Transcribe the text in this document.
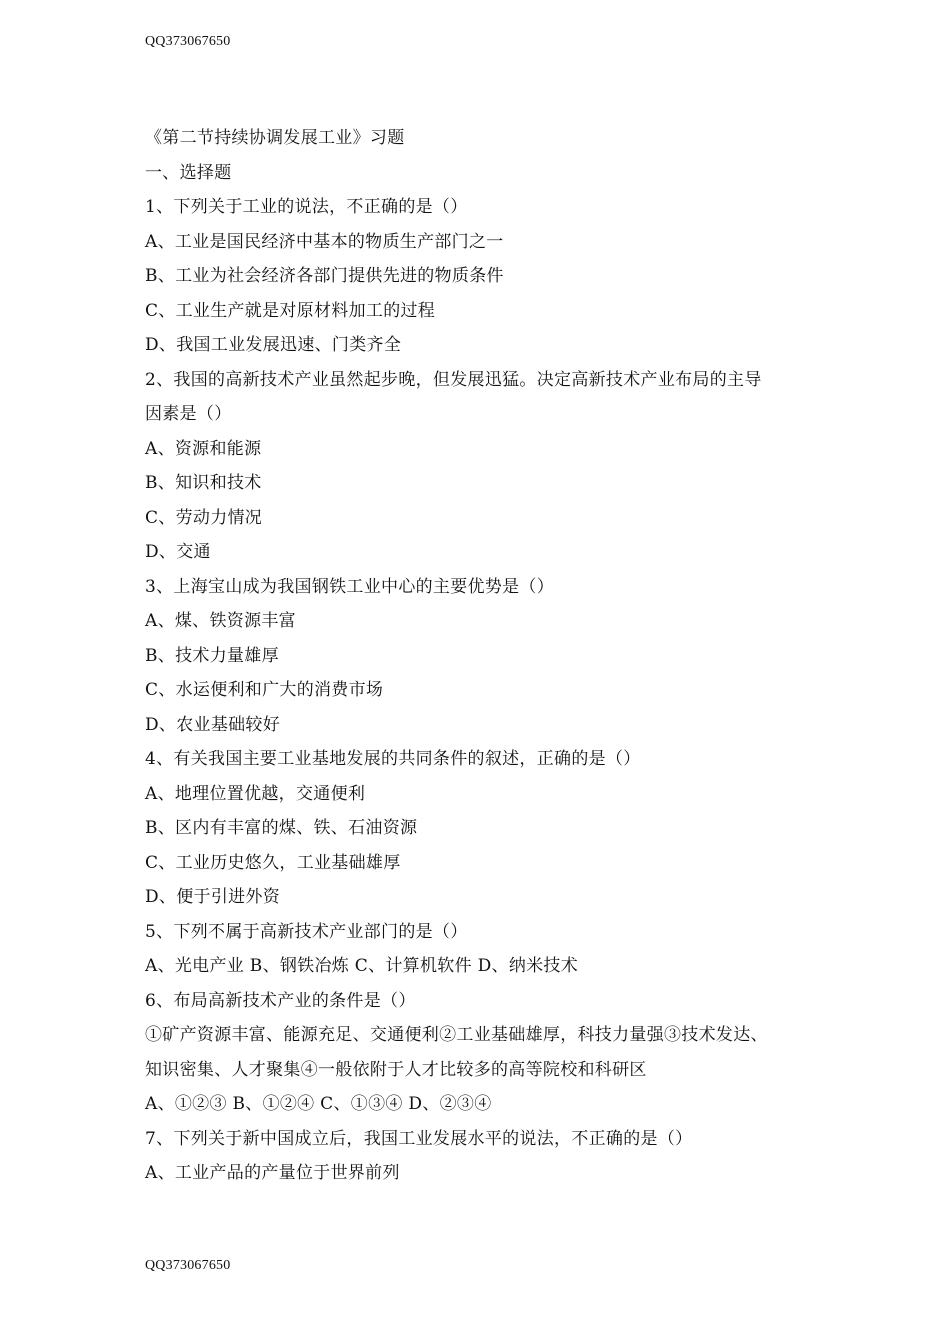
QQ373067650
《第二节持续协调发展工业》习题
一、选择题
1、下列关于工业的说法，不正确的是（）
A、工业是国民经济中基本的物质生产部门之一
B、工业为社会经济各部门提供先进的物质条件
C、工业生产就是对原材料加工的过程
D、我国工业发展迅速、门类齐全
2、我国的高新技术产业虽然起步晚，但发展迅猛。决定高新技术产业布局的主导
因素是（）
A、资源和能源
B、知识和技术
C、劳动力情况
D、交通
3、上海宝山成为我国钢铁工业中心的主要优势是（）
A、煤、铁资源丰富
B、技术力量雄厚
C、水运便利和广大的消费市场
D、农业基础较好
4、有关我国主要工业基地发展的共同条件的叙述，正确的是（）
A、地理位置优越，交通便利
B、区内有丰富的煤、铁、石油资源
C、工业历史悠久，工业基础雄厚
D、便于引进外资
5、下列不属于高新技术产业部门的是（）
A、光电产业 B、钢铁冶炼 C、计算机软件 D、纳米技术
6、布局高新技术产业的条件是（）
①矿产资源丰富、能源充足、交通便利②工业基础雄厚，科技力量强③技术发达、
知识密集、人才聚集④一般依附于人才比较多的高等院校和科研区
A、①②③ B、①②④ C、①③④ D、②③④
7、下列关于新中国成立后，我国工业发展水平的说法，不正确的是（）
A、工业产品的产量位于世界前列
QQ373067650
